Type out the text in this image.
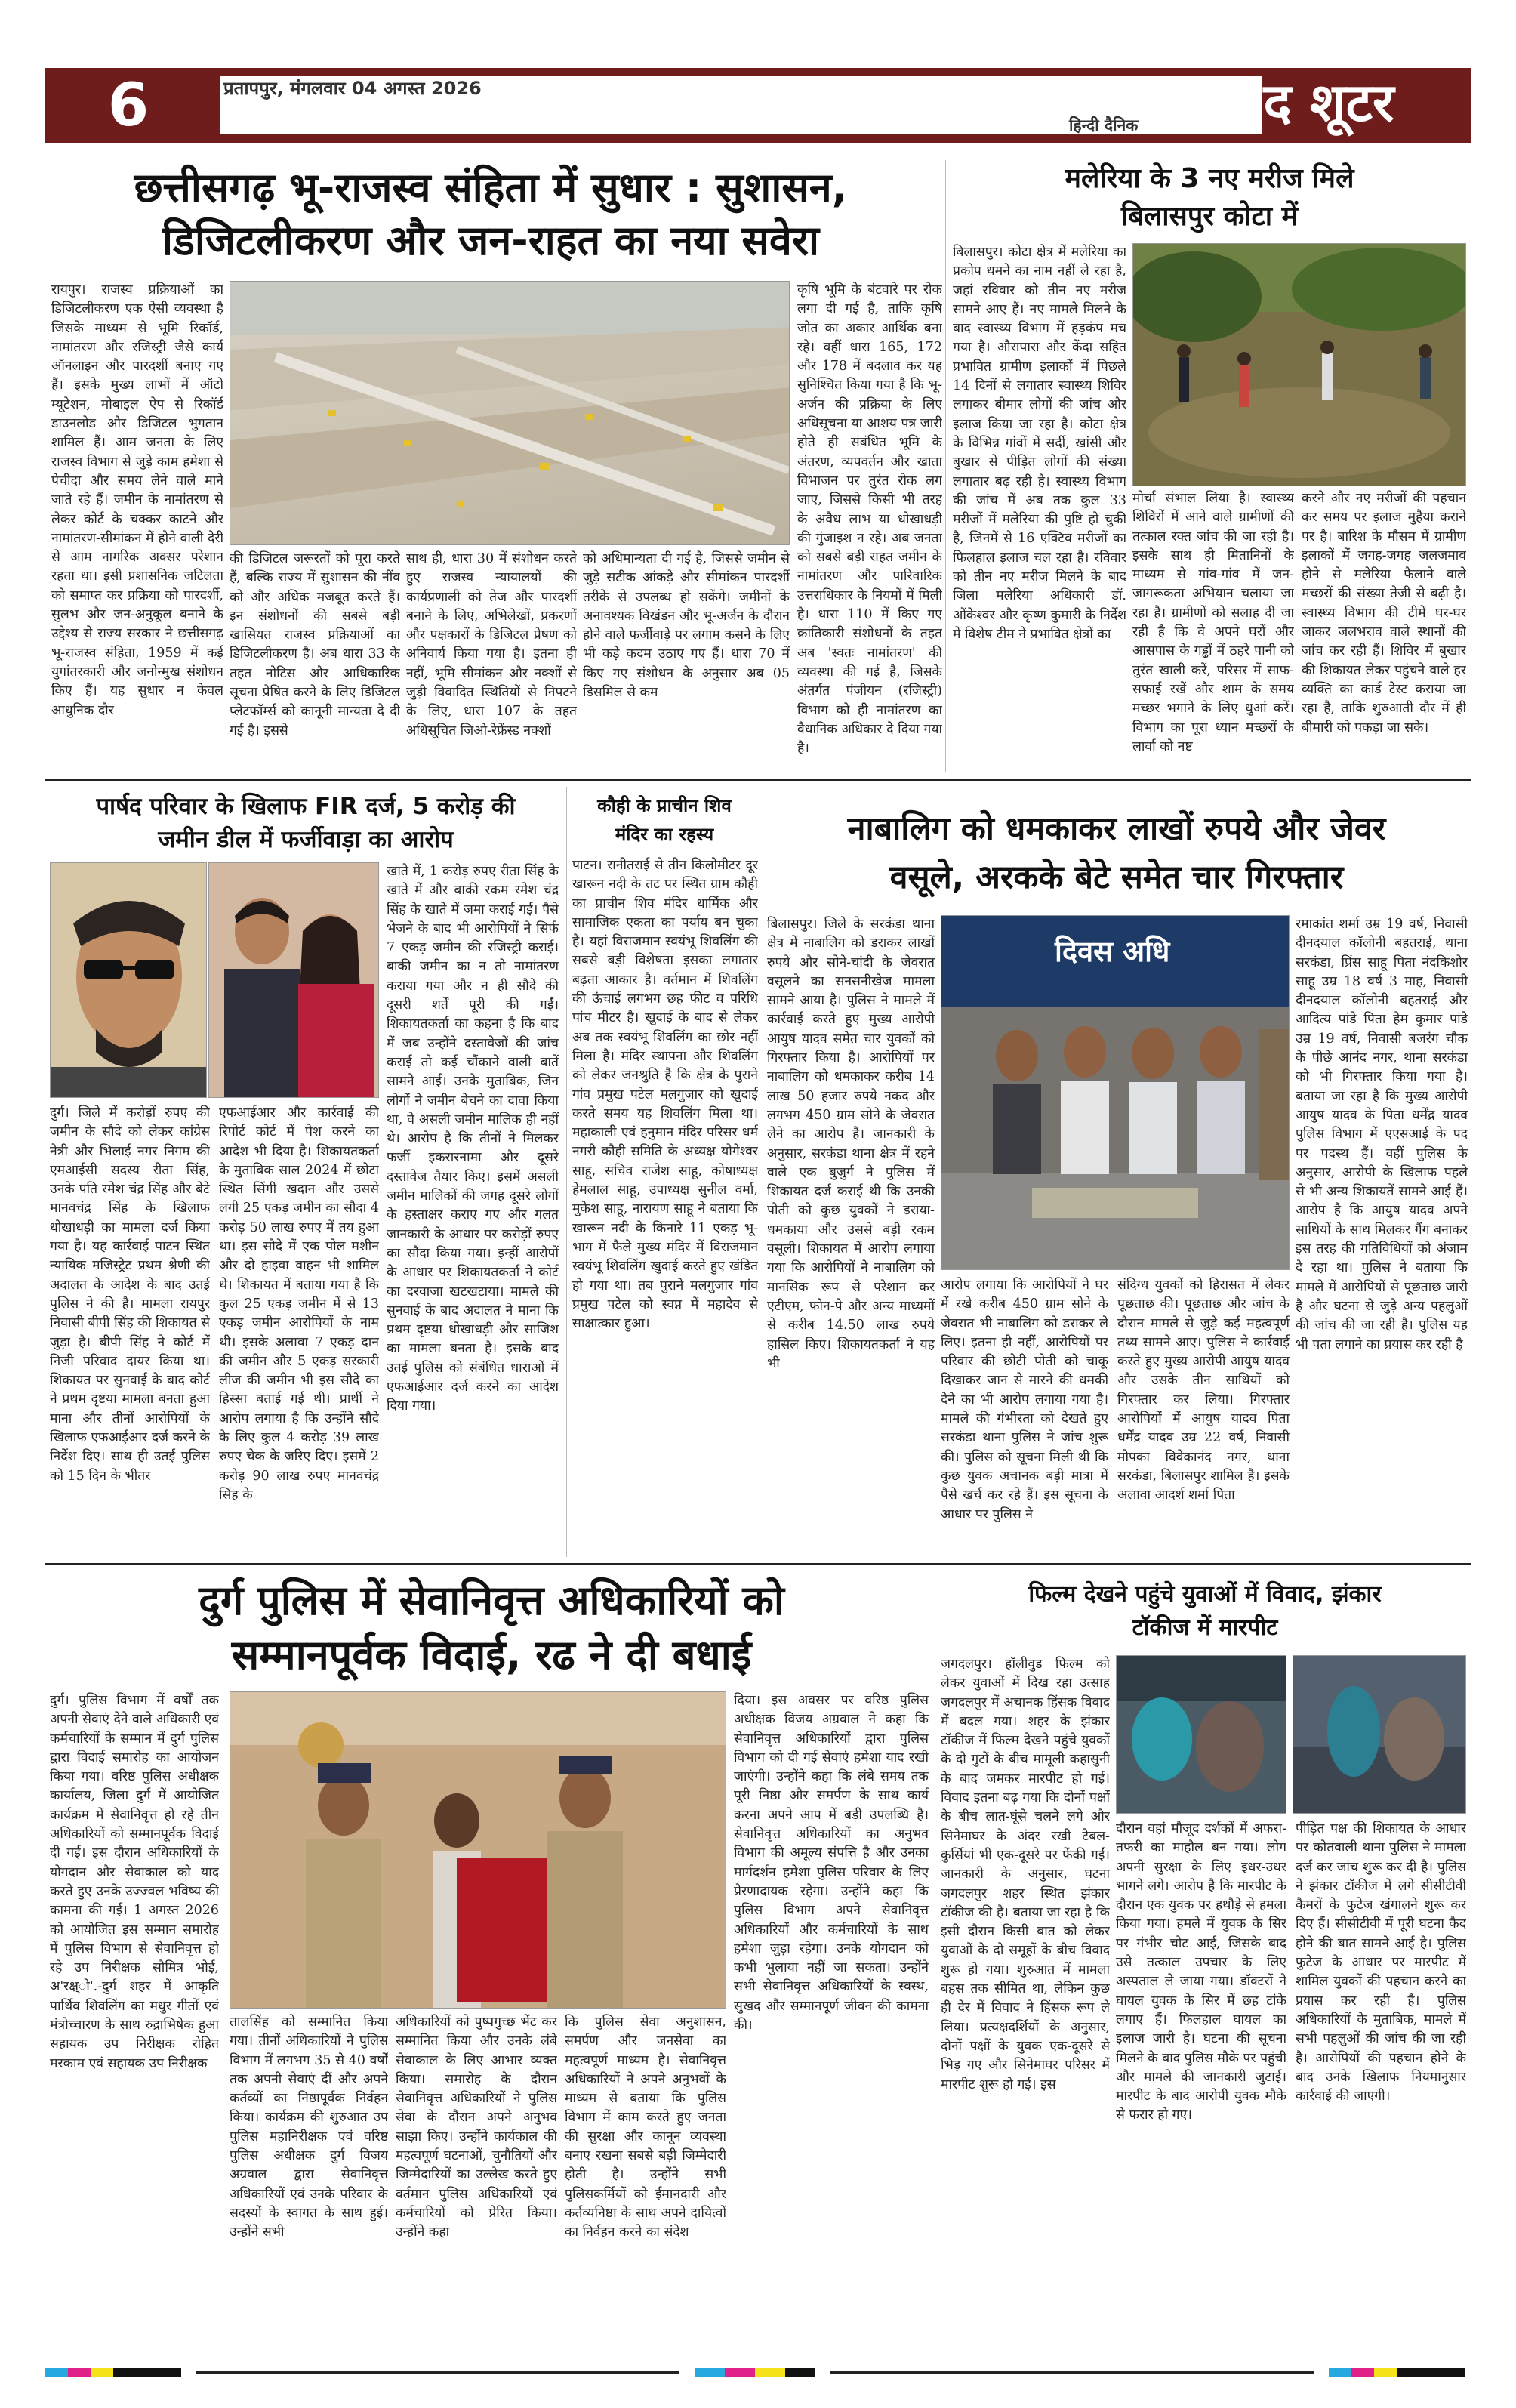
6	प्रतापपुर, मंगलवार 04 अगस्त 2026
हिन्दी दैनिक	द शूटर
छत्तीसगढ़ भू-राजस्व संहिता में सुधार : सुशासन,
डिजिटलीकरण और जन-राहत का नया सवेरा
रायपुर। राजस्व प्रक्रियाओं का डिजिटलीकरण एक ऐसी व्यवस्था है जिसके माध्यम से भूमि रिकॉर्ड, नामांतरण और रजिस्ट्री जैसे कार्य ऑनलाइन और पारदर्शी बनाए गए हैं। इसके मुख्य लाभों में ऑटो म्यूटेशन, मोबाइल ऐप से रिकॉर्ड डाउनलोड और डिजिटल भुगतान शामिल हैं। आम जनता के लिए राजस्व विभाग से जुड़े काम हमेशा से पेचीदा और समय लेने वाले माने जाते रहे हैं। जमीन के नामांतरण से लेकर कोर्ट के चक्कर काटने और नामांतरण-सीमांकन में होने वाली देरी से आम नागरिक अक्सर परेशान रहता था। इसी प्रशासनिक जटिलता को समाप्त कर प्रक्रिया को पारदर्शी, सुलभ और जन-अनुकूल बनाने के उद्देश्य से राज्य सरकार ने छत्तीसगढ़ भू-राजस्व संहिता, 1959 में कई युगांतरकारी और जनोन्मुख संशोधन किए हैं। यह सुधार न केवल आधुनिक दौर
की डिजिटल जरूरतों को पूरा करते हैं, बल्कि राज्य में सुशासन की नींव को और अधिक मजबूत करते हैं। इन संशोधनों की सबसे बड़ी खासियत राजस्व प्रक्रियाओं का डिजिटलीकरण है। अब धारा 33 के तहत नोटिस और आधिकारिक सूचना प्रेषित करने के लिए डिजिटल प्लेटफॉर्म्स को कानूनी मान्यता दे दी गई है। इससे
साथ ही, धारा 30 में संशोधन करते हुए राजस्व न्यायालयों की कार्यप्रणाली को तेज और पारदर्शी बनाने के लिए, अभिलेखों, प्रकरणों और पक्षकारों के डिजिटल प्रेषण को अनिवार्य किया गया है। इतना ही नहीं, भूमि सीमांकन और नक्शों से जुड़ी विवादित स्थितियों से निपटने के लिए, धारा 107 के तहत अधिसूचित जिओ-रेफ्रेंस्ड नक्शों
को अधिमान्यता दी गई है, जिससे जमीन से जुड़े सटीक आंकड़े और सीमांकन पारदर्शी तरीके से उपलब्ध हो सकेंगे। जमीनों के अनावश्यक विखंडन और भू-अर्जन के दौरान होने वाले फर्जीवाड़े पर लगाम कसने के लिए भी कड़े कदम उठाए गए हैं। धारा 70 में किए गए संशोधन के अनुसार अब 05 डिसमिल से कम
कृषि भूमि के बंटवारे पर रोक लगा दी गई है, ताकि कृषि जोत का अकार आर्थिक बना रहे। वहीं धारा 165, 172 और 178 में बदलाव कर यह सुनिश्चित किया गया है कि भू-अर्जन की प्रक्रिया के लिए अधिसूचना या आशय पत्र जारी होते ही संबंधित भूमि के अंतरण, व्यपवर्तन और खाता विभाजन पर तुरंत रोक लग जाए, जिससे किसी भी तरह के अवैध लाभ या धोखाधड़ी की गुंजाइश न रहे। अब जनता को सबसे बड़ी राहत जमीन के नामांतरण और पारिवारिक उत्तराधिकार के नियमों में मिली है। धारा 110 में किए गए क्रांतिकारी संशोधनों के तहत अब 'स्वतः नामांतरण' की व्यवस्था की गई है, जिसके अंतर्गत पंजीयन (रजिस्ट्री) विभाग को ही नामांतरण का वैधानिक अधिकार दे दिया गया है।
मलेरिया के 3 नए मरीज मिले
बिलासपुर कोटा में
बिलासपुर। कोटा क्षेत्र में मलेरिया का प्रकोप थमने का नाम नहीं ले रहा है, जहां रविवार को तीन नए मरीज सामने आए हैं। नए मामले मिलने के बाद स्वास्थ्य विभाग में हड़कंप मच गया है। औरापारा और केंदा सहित प्रभावित ग्रामीण इलाकों में पिछले 14 दिनों से लगातार स्वास्थ्य शिविर लगाकर बीमार लोगों की जांच और इलाज किया जा रहा है। कोटा क्षेत्र के विभिन्न गांवों में सर्दी, खांसी और बुखार से पीड़ित लोगों की संख्या लगातार बढ़ रही है। स्वास्थ्य विभाग की जांच में अब तक कुल 33 मरीजों में मलेरिया की पुष्टि हो चुकी है, जिनमें से 16 एक्टिव मरीजों का फिलहाल इलाज चल रहा है। रविवार को तीन नए मरीज मिलने के बाद जिला मलेरिया अधिकारी डॉ. ओंकेश्वर और कृष्ण कुमारी के निर्देश में विशेष टीम ने प्रभावित क्षेत्रों का
मोर्चा संभाल लिया है। स्वास्थ्य शिविरों में आने वाले ग्रामीणों की तत्काल रक्त जांच की जा रही है। इसके साथ ही मितानिनों के माध्यम से गांव-गांव में जन-जागरूकता अभियान चलाया जा रहा है। ग्रामीणों को सलाह दी जा रही है कि वे अपने घरों और आसपास के गड्ढों में ठहरे पानी को तुरंत खाली करें, परिसर में साफ-सफाई रखें और शाम के समय मच्छर भगाने के लिए धुआं करें। विभाग का पूरा ध्यान मच्छरों के लार्वा को नष्ट
करने और नए मरीजों की पहचान कर समय पर इलाज मुहैया कराने पर है। बारिश के मौसम में ग्रामीण इलाकों में जगह-जगह जलजमाव होने से मलेरिया फैलाने वाले मच्छरों की संख्या तेजी से बढ़ी है। स्वास्थ्य विभाग की टीमें घर-घर जाकर जलभराव वाले स्थानों की जांच कर रही हैं। शिविर में बुखार की शिकायत लेकर पहुंचने वाले हर व्यक्ति का कार्ड टेस्ट कराया जा रहा है, ताकि शुरुआती दौर में ही बीमारी को पकड़ा जा सके।
पार्षद परिवार के खिलाफ FIR दर्ज, 5 करोड़ की
जमीन डील में फर्जीवाड़ा का आरोप
दुर्ग। जिले में करोड़ों रुपए की जमीन के सौदे को लेकर कांग्रेस नेत्री और भिलाई नगर निगम की एमआईसी सदस्य रीता सिंह, उनके पति रमेश चंद्र सिंह और बेटे मानवचंद्र सिंह के खिलाफ धोखाधड़ी का मामला दर्ज किया गया है। यह कार्रवाई पाटन स्थित न्यायिक मजिस्ट्रेट प्रथम श्रेणी की अदालत के आदेश के बाद उतई पुलिस ने की है। मामला रायपुर निवासी बीपी सिंह की शिकायत से जुड़ा है। बीपी सिंह ने कोर्ट में निजी परिवाद दायर किया था। शिकायत पर सुनवाई के बाद कोर्ट ने प्रथम दृष्टया मामला बनता हुआ माना और तीनों आरोपियों के खिलाफ एफआईआर दर्ज करने के निर्देश दिए। साथ ही उतई पुलिस को 15 दिन के भीतर
एफआईआर और कार्रवाई की रिपोर्ट कोर्ट में पेश करने का आदेश भी दिया है। शिकायतकर्ता के मुताबिक साल 2024 में छोटा स्थित सिंगी खदान और उससे लगी 25 एकड़ जमीन का सौदा 4 करोड़ 50 लाख रुपए में तय हुआ था। इस सौदे में एक पोल मशीन और दो हाइवा वाहन भी शामिल थे। शिकायत में बताया गया है कि कुल 25 एकड़ जमीन में से 13 एकड़ जमीन आरोपियों के नाम थी। इसके अलावा 7 एकड़ दान की जमीन और 5 एकड़ सरकारी लीज की जमीन भी इस सौदे का हिस्सा बताई गई थी। प्रार्थी ने आरोप लगाया है कि उन्होंने सौदे के लिए कुल 4 करोड़ 39 लाख रुपए चेक के जरिए दिए। इसमें 2 करोड़ 90 लाख रुपए मानवचंद्र सिंह के
खाते में, 1 करोड़ रुपए रीता सिंह के खाते में और बाकी रकम रमेश चंद्र सिंह के खाते में जमा कराई गई। पैसे भेजने के बाद भी आरोपियों ने सिर्फ 7 एकड़ जमीन की रजिस्ट्री कराई। बाकी जमीन का न तो नामांतरण कराया गया और न ही सौदे की दूसरी शर्तें पूरी की गईं। शिकायतकर्ता का कहना है कि बाद में जब उन्होंने दस्तावेजों की जांच कराई तो कई चौंकाने वाली बातें सामने आईं। उनके मुताबिक, जिन लोगों ने जमीन बेचने का दावा किया था, वे असली जमीन मालिक ही नहीं थे। आरोप है कि तीनों ने मिलकर फर्जी इकरारनामा और दूसरे दस्तावेज तैयार किए। इसमें असली जमीन मालिकों की जगह दूसरे लोगों के हस्ताक्षर कराए गए और गलत जानकारी के आधार पर करोड़ों रुपए का सौदा किया गया। इन्हीं आरोपों के आधार पर शिकायतकर्ता ने कोर्ट का दरवाजा खटखटाया। मामले की सुनवाई के बाद अदालत ने माना कि प्रथम दृष्टया धोखाधड़ी और साजिश का मामला बनता है। इसके बाद उतई पुलिस को संबंधित धाराओं में एफआईआर दर्ज करने का आदेश दिया गया।
कौही के प्राचीन शिव
मंदिर का रहस्य
पाटन। रानीतराई से तीन किलोमीटर दूर खारून नदी के तट पर स्थित ग्राम कौही का प्राचीन शिव मंदिर धार्मिक और सामाजिक एकता का पर्याय बन चुका है। यहां विराजमान स्वयंभू शिवलिंग की सबसे बड़ी विशेषता इसका लगातार बढ़ता आकार है। वर्तमान में शिवलिंग की ऊंचाई लगभग छह फीट व परिधि पांच मीटर है। खुदाई के बाद से लेकर अब तक स्वयंभू शिवलिंग का छोर नहीं मिला है। मंदिर स्थापना और शिवलिंग को लेकर जनश्रुति है कि क्षेत्र के पुराने गांव प्रमुख पटेल मलगुजार को खुदाई करते समय यह शिवलिंग मिला था। महाकाली एवं हनुमान मंदिर परिसर धर्म नगरी कौही समिति के अध्यक्ष योगेश्वर साहू, सचिव राजेश साहू, कोषाध्यक्ष हेमलाल साहू, उपाध्यक्ष सुनील वर्मा, मुकेश साहू, नारायण साहू ने बताया कि खारून नदी के किनारे 11 एकड़ भू-भाग में फैले मुख्य मंदिर में विराजमान स्वयंभू शिवलिंग खुदाई करते हुए खंडित हो गया था। तब पुराने मलगुजार गांव प्रमुख पटेल को स्वप्न में महादेव से साक्षात्कार हुआ।
नाबालिग को धमकाकर लाखों रुपये और जेवर
वसूले, अरकके बेटे समेत चार गिरफ्तार
बिलासपुर। जिले के सरकंडा थाना क्षेत्र में नाबालिग को डराकर लाखों रुपये और सोने-चांदी के जेवरात वसूलने का सनसनीखेज मामला सामने आया है। पुलिस ने मामले में कार्रवाई करते हुए मुख्य आरोपी आयुष यादव समेत चार युवकों को गिरफ्तार किया है। आरोपियों पर नाबालिग को धमकाकर करीब 14 लाख 50 हजार रुपये नकद और लगभग 450 ग्राम सोने के जेवरात लेने का आरोप है। जानकारी के अनुसार, सरकंडा थाना क्षेत्र में रहने वाले एक बुजुर्ग ने पुलिस में शिकायत दर्ज कराई थी कि उनकी पोती को कुछ युवकों ने डराया-धमकाया और उससे बड़ी रकम वसूली। शिकायत में आरोप लगाया गया कि आरोपियों ने नाबालिग को मानसिक रूप से परेशान कर एटीएम, फोन-पे और अन्य माध्यमों से करीब 14.50 लाख रुपये हासिल किए। शिकायतकर्ता ने यह भी
दिवस अधि
आरोप लगाया कि आरोपियों ने घर में रखे करीब 450 ग्राम सोने के जेवरात भी नाबालिग को डराकर ले लिए। इतना ही नहीं, आरोपियों पर परिवार की छोटी पोती को चाकू दिखाकर जान से मारने की धमकी देने का भी आरोप लगाया गया है। मामले की गंभीरता को देखते हुए सरकंडा थाना पुलिस ने जांच शुरू की। पुलिस को सूचना मिली थी कि कुछ युवक अचानक बड़ी मात्रा में पैसे खर्च कर रहे हैं। इस सूचना के आधार पर पुलिस ने
संदिग्ध युवकों को हिरासत में लेकर पूछताछ की। पूछताछ और जांच के दौरान मामले से जुड़े कई महत्वपूर्ण तथ्य सामने आए। पुलिस ने कार्रवाई करते हुए मुख्य आरोपी आयुष यादव और उसके तीन साथियों को गिरफ्तार कर लिया। गिरफ्तार आरोपियों में आयुष यादव पिता धर्मेंद्र यादव उम्र 22 वर्ष, निवासी मोपका विवेकानंद नगर, थाना सरकंडा, बिलासपुर शामिल है। इसके अलावा आदर्श शर्मा पिता
रमाकांत शर्मा उम्र 19 वर्ष, निवासी दीनदयाल कॉलोनी बहतराई, थाना सरकंडा, प्रिंस साहू पिता नंदकिशोर साहू उम्र 18 वर्ष 3 माह, निवासी दीनदयाल कॉलोनी बहतराई और आदित्य पांडे पिता हेम कुमार पांडे उम्र 19 वर्ष, निवासी बजरंग चौक के पीछे आनंद नगर, थाना सरकंडा को भी गिरफ्तार किया गया है। बताया जा रहा है कि मुख्य आरोपी आयुष यादव के पिता धर्मेंद्र यादव पुलिस विभाग में एएसआई के पद पर पदस्थ हैं। वहीं पुलिस के अनुसार, आरोपी के खिलाफ पहले से भी अन्य शिकायतें सामने आई हैं। आरोप है कि आयुष यादव अपने साथियों के साथ मिलकर गैंग बनाकर इस तरह की गतिविधियों को अंजाम दे रहा था। पुलिस ने बताया कि मामले में आरोपियों से पूछताछ जारी है और घटना से जुड़े अन्य पहलुओं की जांच की जा रही है। पुलिस यह भी पता लगाने का प्रयास कर रही है
दुर्ग पुलिस में सेवानिवृत्त अधिकारियों को
सम्मानपूर्वक विदाई, रढ ने दी बधाई
दुर्ग। पुलिस विभाग में वर्षों तक अपनी सेवाएं देने वाले अधिकारी एवं कर्मचारियों के सम्मान में दुर्ग पुलिस द्वारा विदाई समारोह का आयोजन किया गया। वरिष्ठ पुलिस अधीक्षक कार्यालय, जिला दुर्ग में आयोजित कार्यक्रम में सेवानिवृत्त हो रहे तीन अधिकारियों को सम्मानपूर्वक विदाई दी गई। इस दौरान अधिकारियों के योगदान और सेवाकाल को याद करते हुए उनके उज्ज्वल भविष्य की कामना की गई। 1 अगस्त 2026 को आयोजित इस सम्मान समारोह में पुलिस विभाग से सेवानिवृत्त हो रहे उप निरीक्षक सौमित्र भोई, अ'रक्ष्ाे'.-दुर्ग शहर में आकृति पार्थिव शिवलिंग का मधुर गीतों एवं मंत्रोच्चारण के साथ रुद्राभिषेक हुआ सहायक उप निरीक्षक रोहित मरकाम एवं सहायक उप निरीक्षक
तालसिंह को सम्मानित किया गया। तीनों अधिकारियों ने पुलिस विभाग में लगभग 35 से 40 वर्षों तक अपनी सेवाएं दीं और अपने कर्तव्यों का निष्ठापूर्वक निर्वहन किया। कार्यक्रम की शुरुआत उप पुलिस महानिरीक्षक एवं वरिष्ठ पुलिस अधीक्षक दुर्ग विजय अग्रवाल द्वारा सेवानिवृत्त अधिकारियों एवं उनके परिवार के सदस्यों के स्वागत के साथ हुई। उन्होंने सभी
अधिकारियों को पुष्पगुच्छ भेंट कर सम्मानित किया और उनके लंबे सेवाकाल के लिए आभार व्यक्त किया। समारोह के दौरान सेवानिवृत्त अधिकारियों ने पुलिस सेवा के दौरान अपने अनुभव साझा किए। उन्होंने कार्यकाल की महत्वपूर्ण घटनाओं, चुनौतियों और जिम्मेदारियों का उल्लेख करते हुए वर्तमान पुलिस अधिकारियों एवं कर्मचारियों को प्रेरित किया। उन्होंने कहा
कि पुलिस सेवा अनुशासन, समर्पण और जनसेवा का महत्वपूर्ण माध्यम है। सेवानिवृत्त अधिकारियों ने अपने अनुभवों के माध्यम से बताया कि पुलिस विभाग में काम करते हुए जनता की सुरक्षा और कानून व्यवस्था बनाए रखना सबसे बड़ी जिम्मेदारी होती है। उन्होंने सभी पुलिसकर्मियों को ईमानदारी और कर्तव्यनिष्ठा के साथ अपने दायित्वों का निर्वहन करने का संदेश
दिया। इस अवसर पर वरिष्ठ पुलिस अधीक्षक विजय अग्रवाल ने कहा कि सेवानिवृत्त अधिकारियों द्वारा पुलिस विभाग को दी गई सेवाएं हमेशा याद रखी जाएंगी। उन्होंने कहा कि लंबे समय तक पूरी निष्ठा और समर्पण के साथ कार्य करना अपने आप में बड़ी उपलब्धि है। सेवानिवृत्त अधिकारियों का अनुभव विभाग की अमूल्य संपत्ति है और उनका मार्गदर्शन हमेशा पुलिस परिवार के लिए प्रेरणादायक रहेगा। उन्होंने कहा कि पुलिस विभाग अपने सेवानिवृत्त अधिकारियों और कर्मचारियों के साथ हमेशा जुड़ा रहेगा। उनके योगदान को कभी भुलाया नहीं जा सकता। उन्होंने सभी सेवानिवृत्त अधिकारियों के स्वस्थ, सुखद और सम्मानपूर्ण जीवन की कामना की।
फिल्म देखने पहुंचे युवाओं में विवाद, झंकार
टॉकीज में मारपीट
जगदलपुर। हॉलीवुड फिल्म को लेकर युवाओं में दिख रहा उत्साह जगदलपुर में अचानक हिंसक विवाद में बदल गया। शहर के झंकार टॉकीज में फिल्म देखने पहुंचे युवकों के दो गुटों के बीच मामूली कहासुनी के बाद जमकर मारपीट हो गई। विवाद इतना बढ़ गया कि दोनों पक्षों के बीच लात-घूंसे चलने लगे और सिनेमाघर के अंदर रखी टेबल-कुर्सियां भी एक-दूसरे पर फेंकी गईं। जानकारी के अनुसार, घटना जगदलपुर शहर स्थित झंकार टॉकीज की है। बताया जा रहा है कि इसी दौरान किसी बात को लेकर युवाओं के दो समूहों के बीच विवाद शुरू हो गया। शुरुआत में मामला बहस तक सीमित था, लेकिन कुछ ही देर में विवाद ने हिंसक रूप ले लिया। प्रत्यक्षदर्शियों के अनुसार, दोनों पक्षों के युवक एक-दूसरे से भिड़ गए और सिनेमाघर परिसर में मारपीट शुरू हो गई। इस
दौरान वहां मौजूद दर्शकों में अफरा-तफरी का माहौल बन गया। लोग अपनी सुरक्षा के लिए इधर-उधर भागने लगे। आरोप है कि मारपीट के दौरान एक युवक पर हथौड़े से हमला किया गया। हमले में युवक के सिर पर गंभीर चोट आई, जिसके बाद उसे तत्काल उपचार के लिए अस्पताल ले जाया गया। डॉक्टरों ने घायल युवक के सिर में छह टांके लगाए हैं। फिलहाल घायल का इलाज जारी है। घटना की सूचना मिलने के बाद पुलिस मौके पर पहुंची और मामले की जानकारी जुटाई। मारपीट के बाद आरोपी युवक मौके से फरार हो गए।
पीड़ित पक्ष की शिकायत के आधार पर कोतवाली थाना पुलिस ने मामला दर्ज कर जांच शुरू कर दी है। पुलिस ने झंकार टॉकीज में लगे सीसीटीवी कैमरों के फुटेज खंगालने शुरू कर दिए हैं। सीसीटीवी में पूरी घटना कैद होने की बात सामने आई है। पुलिस फुटेज के आधार पर मारपीट में शामिल युवकों की पहचान करने का प्रयास कर रही है। पुलिस अधिकारियों के मुताबिक, मामले में सभी पहलुओं की जांच की जा रही है। आरोपियों की पहचान होने के बाद उनके खिलाफ नियमानुसार कार्रवाई की जाएगी।
